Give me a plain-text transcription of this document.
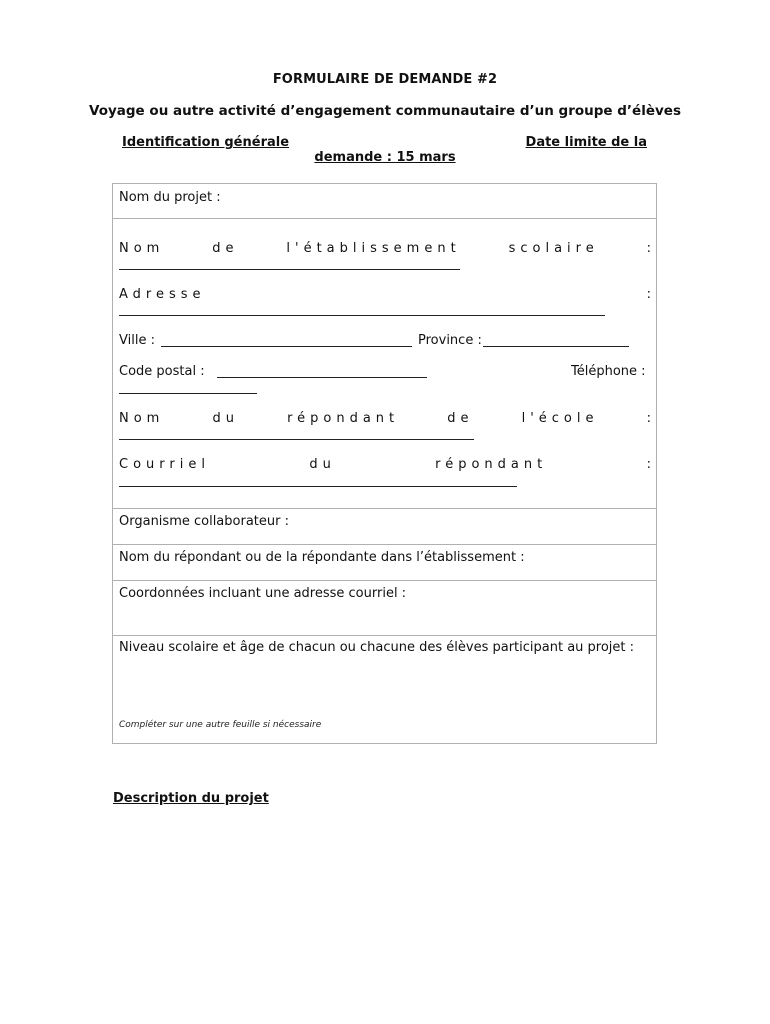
FORMULAIRE DE DEMANDE #2
Voyage ou autre activité d’engagement communautaire d’un groupe d’élèves
Identification générale	Date limite de la
demande : 15 mars
Nom du projet :
Nom	de	l'établissement	scolaire	:
Adresse	:
Ville :	Province :
Code postal :	Téléphone :
Nom	du	répondant	de	l'école	:
Courriel	du	répondant	:
Organisme collaborateur :
Nom du répondant ou de la répondante dans l’établissement :
Coordonnées incluant une adresse courriel :
Niveau scolaire et âge de chacun ou chacune des élèves participant au projet :
Compléter sur une autre feuille si nécessaire
Description du projet
